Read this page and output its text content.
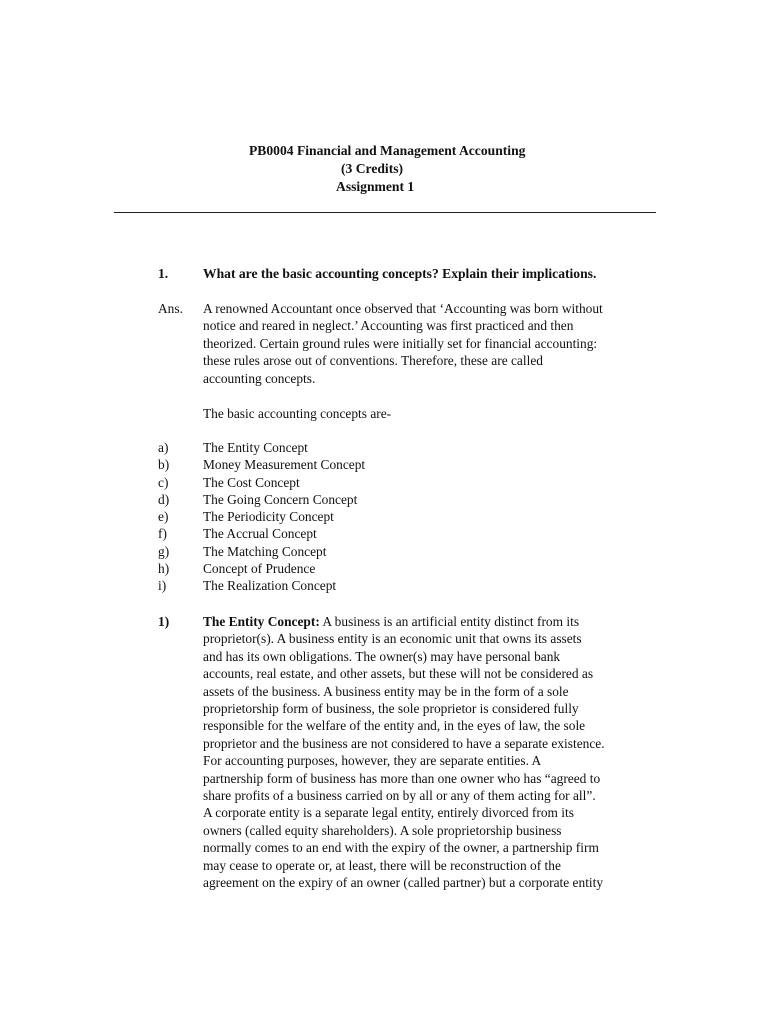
PB0004 Financial and Management Accounting
(3 Credits)
Assignment 1
1.	What are the basic accounting concepts? Explain their implications.
Ans. A renowned Accountant once observed that ‘Accounting was born without
notice and reared in neglect.’ Accounting was first practiced and then
theorized. Certain ground rules were initially set for financial accounting:
these rules arose out of conventions. Therefore, these are called
accounting concepts.
The basic accounting concepts are-
a)	The Entity Concept
b)	Money Measurement Concept
c)	The Cost Concept
d)	The Going Concern Concept
e)	The Periodicity Concept
f)	The Accrual Concept
g)	The Matching Concept
h)	Concept of Prudence
i)	The Realization Concept
1)	The Entity Concept: A business is an artificial entity distinct from its
proprietor(s). A business entity is an economic unit that owns its assets
and has its own obligations. The owner(s) may have personal bank
accounts, real estate, and other assets, but these will not be considered as
assets of the business. A business entity may be in the form of a sole
proprietorship form of business, the sole proprietor is considered fully
responsible for the welfare of the entity and, in the eyes of law, the sole
proprietor and the business are not considered to have a separate existence.
For accounting purposes, however, they are separate entities. A
partnership form of business has more than one owner who has “agreed to
share profits of a business carried on by all or any of them acting for all”.
A corporate entity is a separate legal entity, entirely divorced from its
owners (called equity shareholders). A sole proprietorship business
normally comes to an end with the expiry of the owner, a partnership firm
may cease to operate or, at least, there will be reconstruction of the
agreement on the expiry of an owner (called partner) but a corporate entity
